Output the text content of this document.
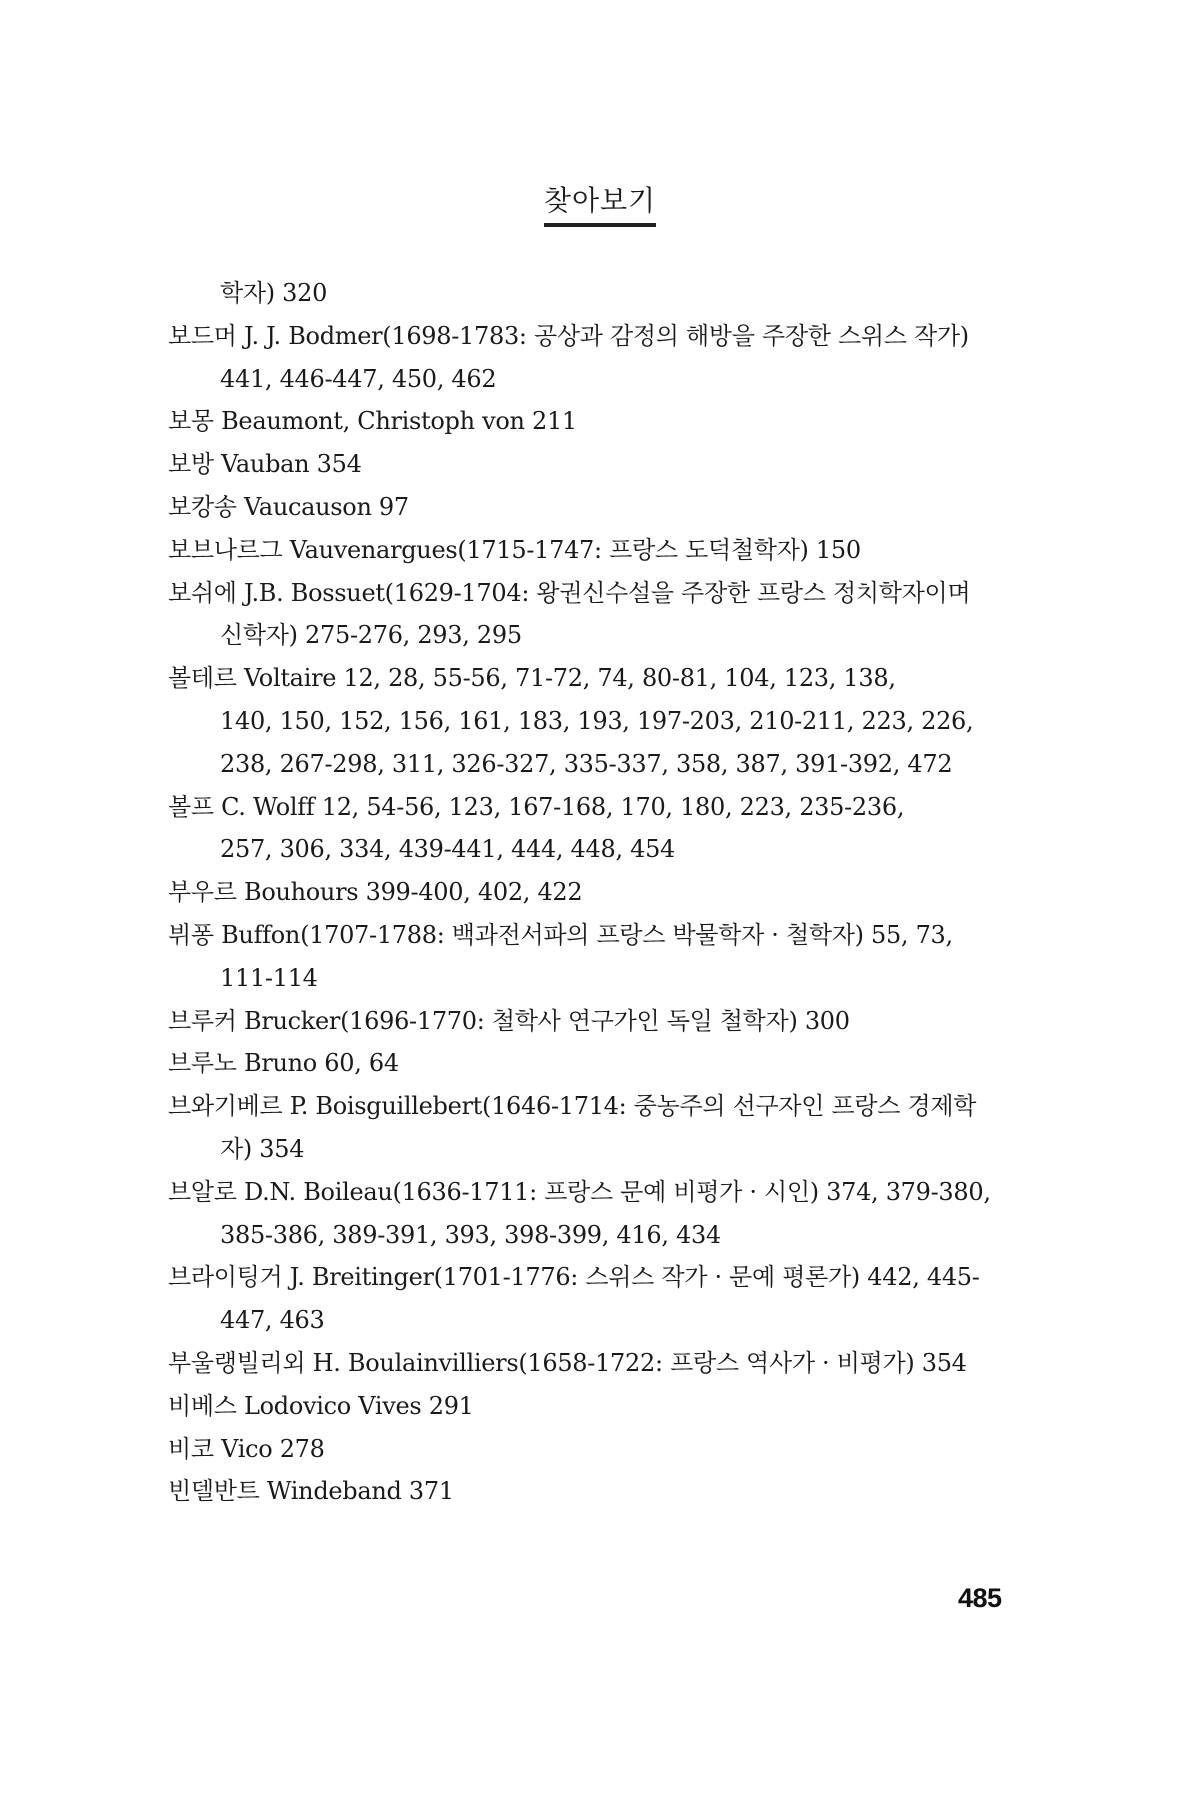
찾아보기
학자) 320
보드머 J. J. Bodmer(1698-1783: 공상과 감정의 해방을 주장한 스위스 작가)
441, 446-447, 450, 462
보몽 Beaumont, Christoph von 211
보방 Vauban 354
보캉송 Vaucauson 97
보브나르그 Vauvenargues(1715-1747: 프랑스 도덕철학자) 150
보쉬에 J.B. Bossuet(1629-1704: 왕권신수설을 주장한 프랑스 정치학자이며
신학자) 275-276, 293, 295
볼테르 Voltaire 12, 28, 55-56, 71-72, 74, 80-81, 104, 123, 138,
140, 150, 152, 156, 161, 183, 193, 197-203, 210-211, 223, 226,
238, 267-298, 311, 326-327, 335-337, 358, 387, 391-392, 472
볼프 C. Wolff 12, 54-56, 123, 167-168, 170, 180, 223, 235-236,
257, 306, 334, 439-441, 444, 448, 454
부우르 Bouhours 399-400, 402, 422
뷔퐁 Buffon(1707-1788: 백과전서파의 프랑스 박물학자 · 철학자) 55, 73,
111-114
브루커 Brucker(1696-1770: 철학사 연구가인 독일 철학자) 300
브루노 Bruno 60, 64
브와기베르 P. Boisguillebert(1646-1714: 중농주의 선구자인 프랑스 경제학
자) 354
브알로 D.N. Boileau(1636-1711: 프랑스 문예 비평가 · 시인) 374, 379-380,
385-386, 389-391, 393, 398-399, 416, 434
브라이팅거 J. Breitinger(1701-1776: 스위스 작가 · 문예 평론가) 442, 445-
447, 463
부울랭빌리외 H. Boulainvilliers(1658-1722: 프랑스 역사가 · 비평가) 354
비베스 Lodovico Vives 291
비코 Vico 278
빈델반트 Windeband 371
485
